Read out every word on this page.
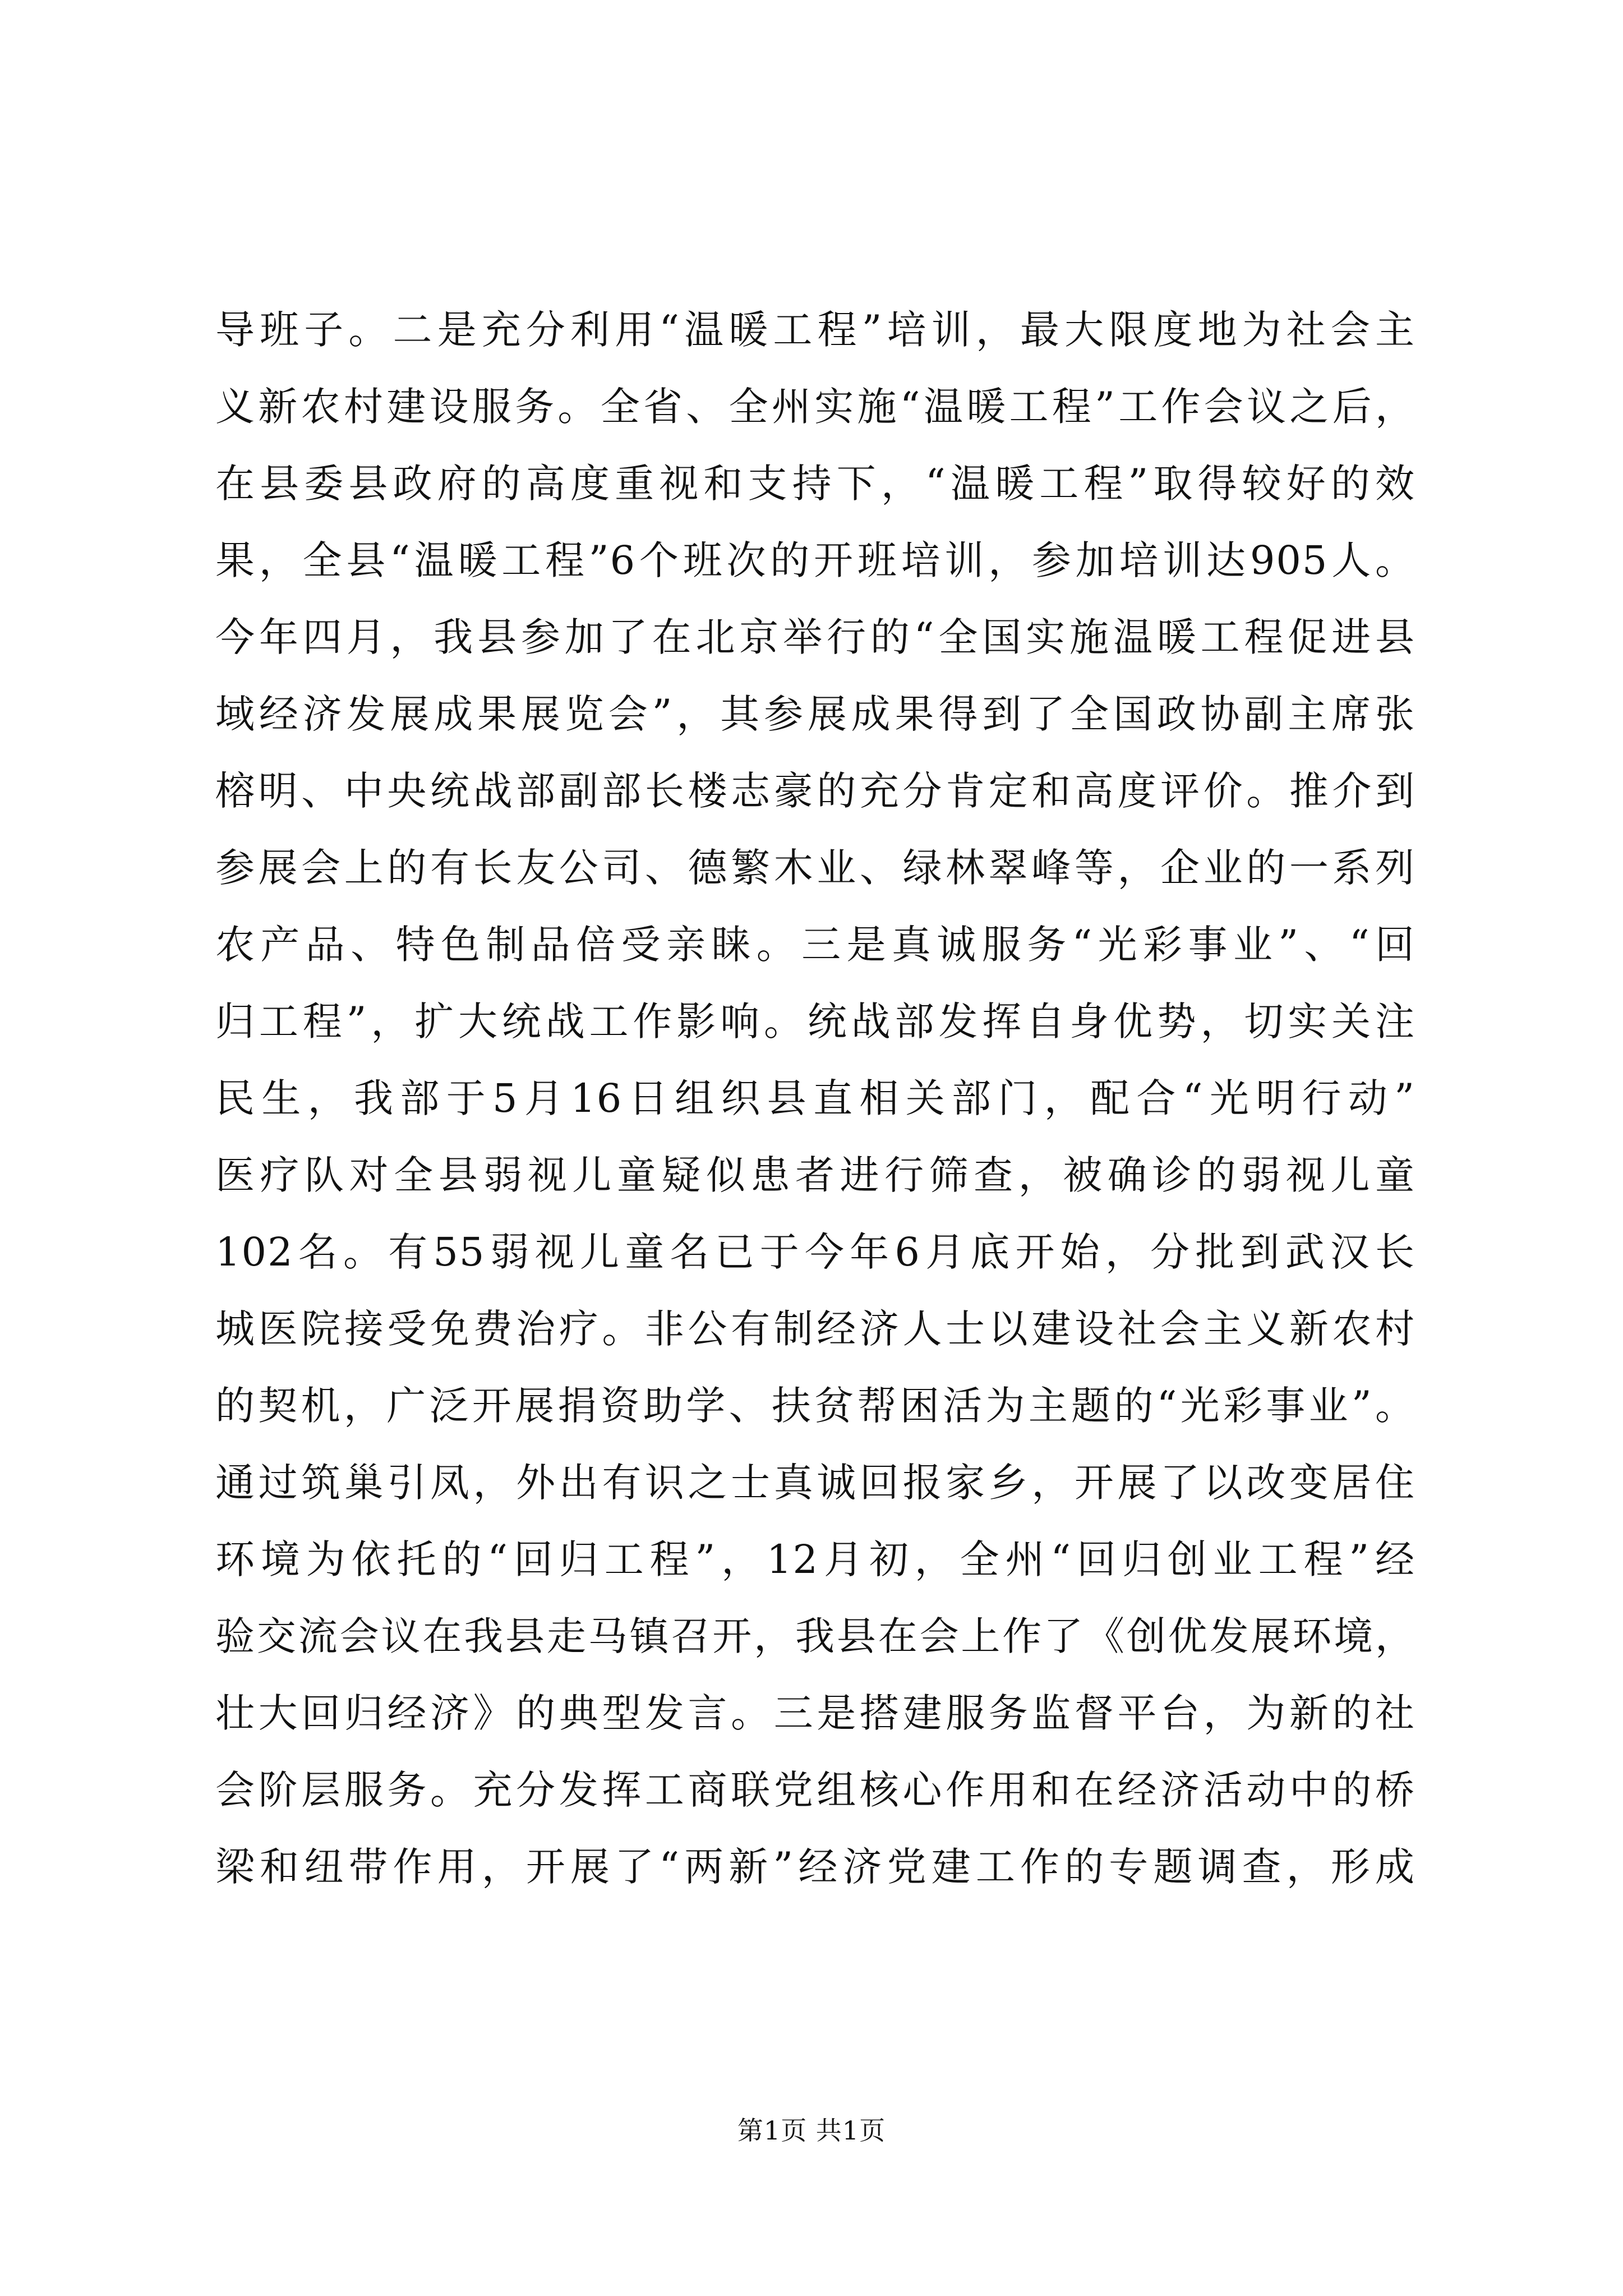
导班子。二是充分利用“温暖工程”培训，最大限度地为社会主
义新农村建设服务。全省、全州实施“温暖工程”工作会议之后，
在县委县政府的高度重视和支持下，“温暖工程”取得较好的效
果，全县“温暖工程”6个班次的开班培训，参加培训达905人。
今年四月，我县参加了在北京举行的“全国实施温暖工程促进县
域经济发展成果展览会”，其参展成果得到了全国政协副主席张
榕明、中央统战部副部长楼志豪的充分肯定和高度评价。推介到
参展会上的有长友公司、德繁木业、绿林翠峰等，企业的一系列
农产品、特色制品倍受亲睐。三是真诚服务“光彩事业”、“回
归工程”，扩大统战工作影响。统战部发挥自身优势，切实关注
民生，我部于5月16日组织县直相关部门，配合“光明行动”
医疗队对全县弱视儿童疑似患者进行筛查，被确诊的弱视儿童
102名。有55弱视儿童名已于今年6月底开始，分批到武汉长
城医院接受免费治疗。非公有制经济人士以建设社会主义新农村
的契机，广泛开展捐资助学、扶贫帮困活为主题的“光彩事业”。
通过筑巢引凤，外出有识之士真诚回报家乡，开展了以改变居住
环境为依托的“回归工程”，12月初，全州“回归创业工程”经
验交流会议在我县走马镇召开，我县在会上作了《创优发展环境，
壮大回归经济》的典型发言。三是搭建服务监督平台，为新的社
会阶层服务。充分发挥工商联党组核心作用和在经济活动中的桥
梁和纽带作用，开展了“两新”经济党建工作的专题调查，形成
第1页 共1页
